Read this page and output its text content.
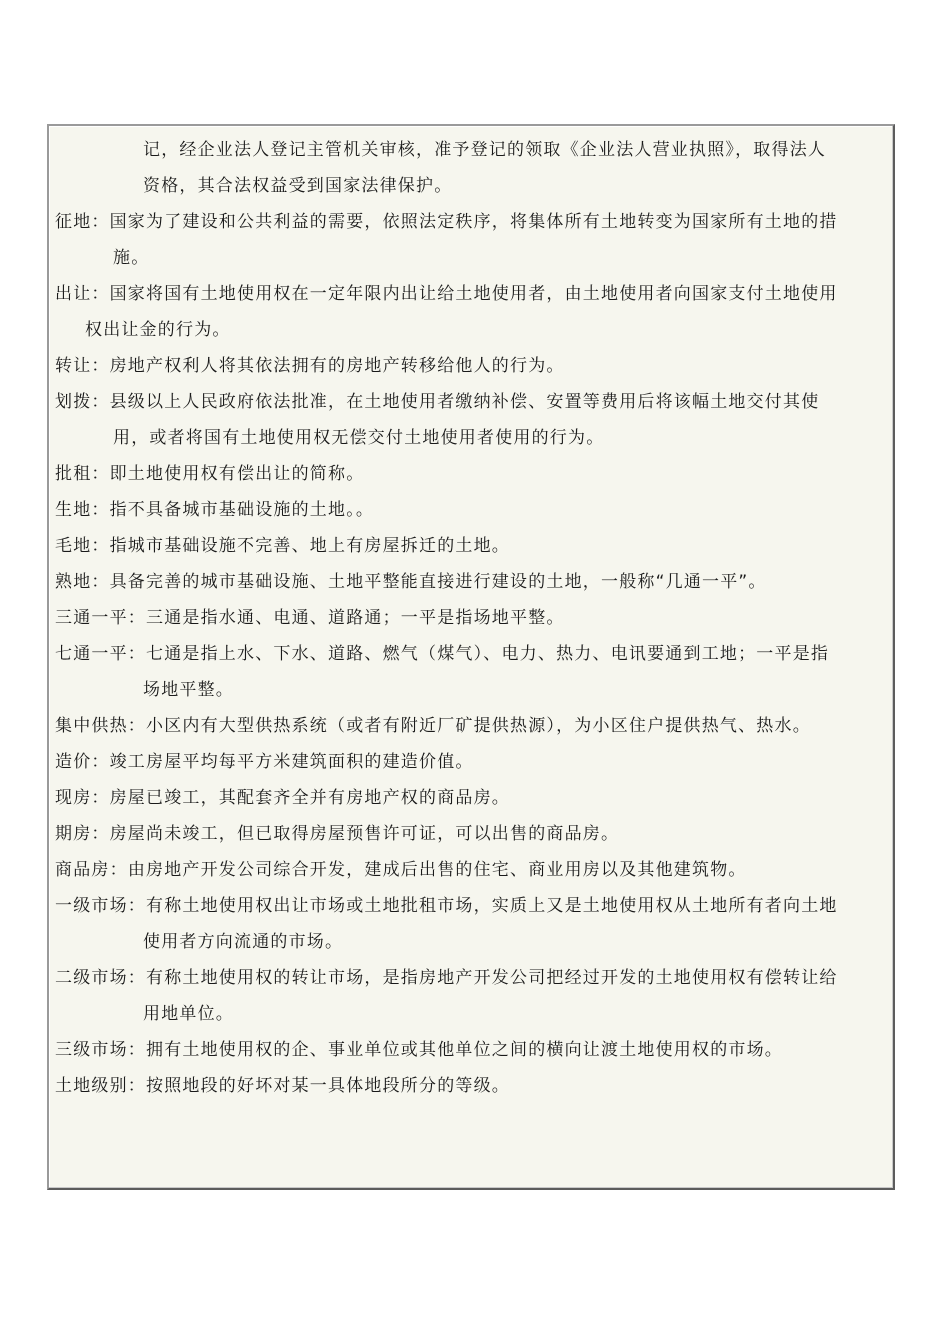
记，经企业法人登记主管机关审核，准予登记的领取《企业法人营业执照》，取得法人
资格，其合法权益受到国家法律保护。
征地：国家为了建设和公共利益的需要，依照法定秩序，将集体所有土地转变为国家所有土地的措
施。
出让：国家将国有土地使用权在一定年限内出让给土地使用者，由土地使用者向国家支付土地使用
权出让金的行为。
转让：房地产权利人将其依法拥有的房地产转移给他人的行为。
划拨：县级以上人民政府依法批准，在土地使用者缴纳补偿、安置等费用后将该幅土地交付其使
用，或者将国有土地使用权无偿交付土地使用者使用的行为。
批租：即土地使用权有偿出让的简称。
生地：指不具备城市基础设施的土地。。
毛地：指城市基础设施不完善、地上有房屋拆迁的土地。
熟地：具备完善的城市基础设施、土地平整能直接进行建设的土地，一般称“几通一平”。
三通一平：三通是指水通、电通、道路通；一平是指场地平整。
七通一平：七通是指上水、下水、道路、燃气（煤气）、电力、热力、电讯要通到工地；一平是指
场地平整。
集中供热：小区内有大型供热系统（或者有附近厂矿提供热源），为小区住户提供热气、热水。
造价：竣工房屋平均每平方米建筑面积的建造价值。
现房：房屋已竣工，其配套齐全并有房地产权的商品房。
期房：房屋尚未竣工，但已取得房屋预售许可证，可以出售的商品房。
商品房：由房地产开发公司综合开发，建成后出售的住宅、商业用房以及其他建筑物。
一级市场：有称土地使用权出让市场或土地批租市场，实质上又是土地使用权从土地所有者向土地
使用者方向流通的市场。
二级市场：有称土地使用权的转让市场，是指房地产开发公司把经过开发的土地使用权有偿转让给
用地单位。
三级市场：拥有土地使用权的企、事业单位或其他单位之间的横向让渡土地使用权的市场。
土地级别：按照地段的好坏对某一具体地段所分的等级。
